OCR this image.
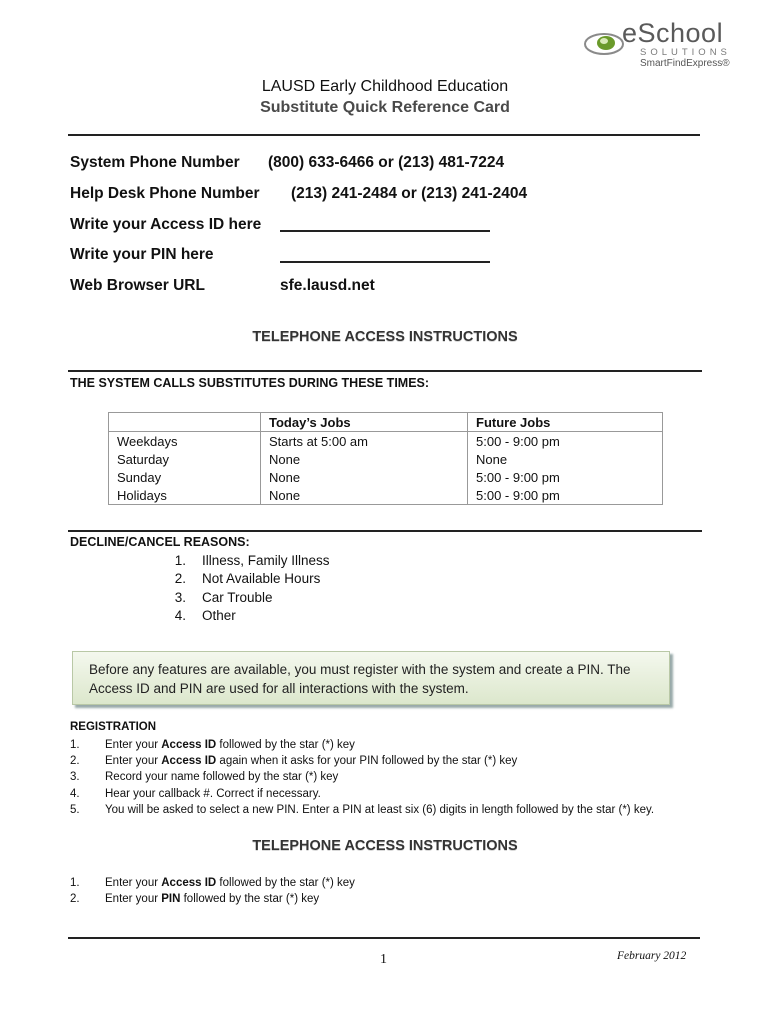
eSchool
SOLUTIONS
SmartFindExpress®
LAUSD Early Childhood Education
Substitute Quick Reference Card
System Phone Number (800) 633-6466 or (213) 481-7224
Help Desk Phone Number (213) 241-2484 or (213) 241-2404
Write your Access ID here
Write your PIN here
Web Browser URL	sfe.lausd.net
TELEPHONE ACCESS INSTRUCTIONS
THE SYSTEM CALLS SUBSTITUTES DURING THESE TIMES:
	Today’s Jobs	Future Jobs
Weekdays	Starts at 5:00 am	5:00 - 9:00 pm
Saturday	None	None
Sunday	None	5:00 - 9:00 pm
Holidays	None	5:00 - 9:00 pm
DECLINE/CANCEL REASONS:
1. Illness, Family Illness
2. Not Available Hours
3. Car Trouble
4. Other
Before any features are available, you must register with the system and create a PIN. The Access ID and PIN are used for all interactions with the system.
REGISTRATION
1. Enter your Access ID followed by the star (*) key
2. Enter your Access ID again when it asks for your PIN followed by the star (*) key
3. Record your name followed by the star (*) key
4. Hear your callback #. Correct if necessary.
5. You will be asked to select a new PIN. Enter a PIN at least six (6) digits in length followed by the star (*) key.
TELEPHONE ACCESS INSTRUCTIONS
1. Enter your Access ID followed by the star (*) key
2. Enter your PIN followed by the star (*) key
1	February 2012
